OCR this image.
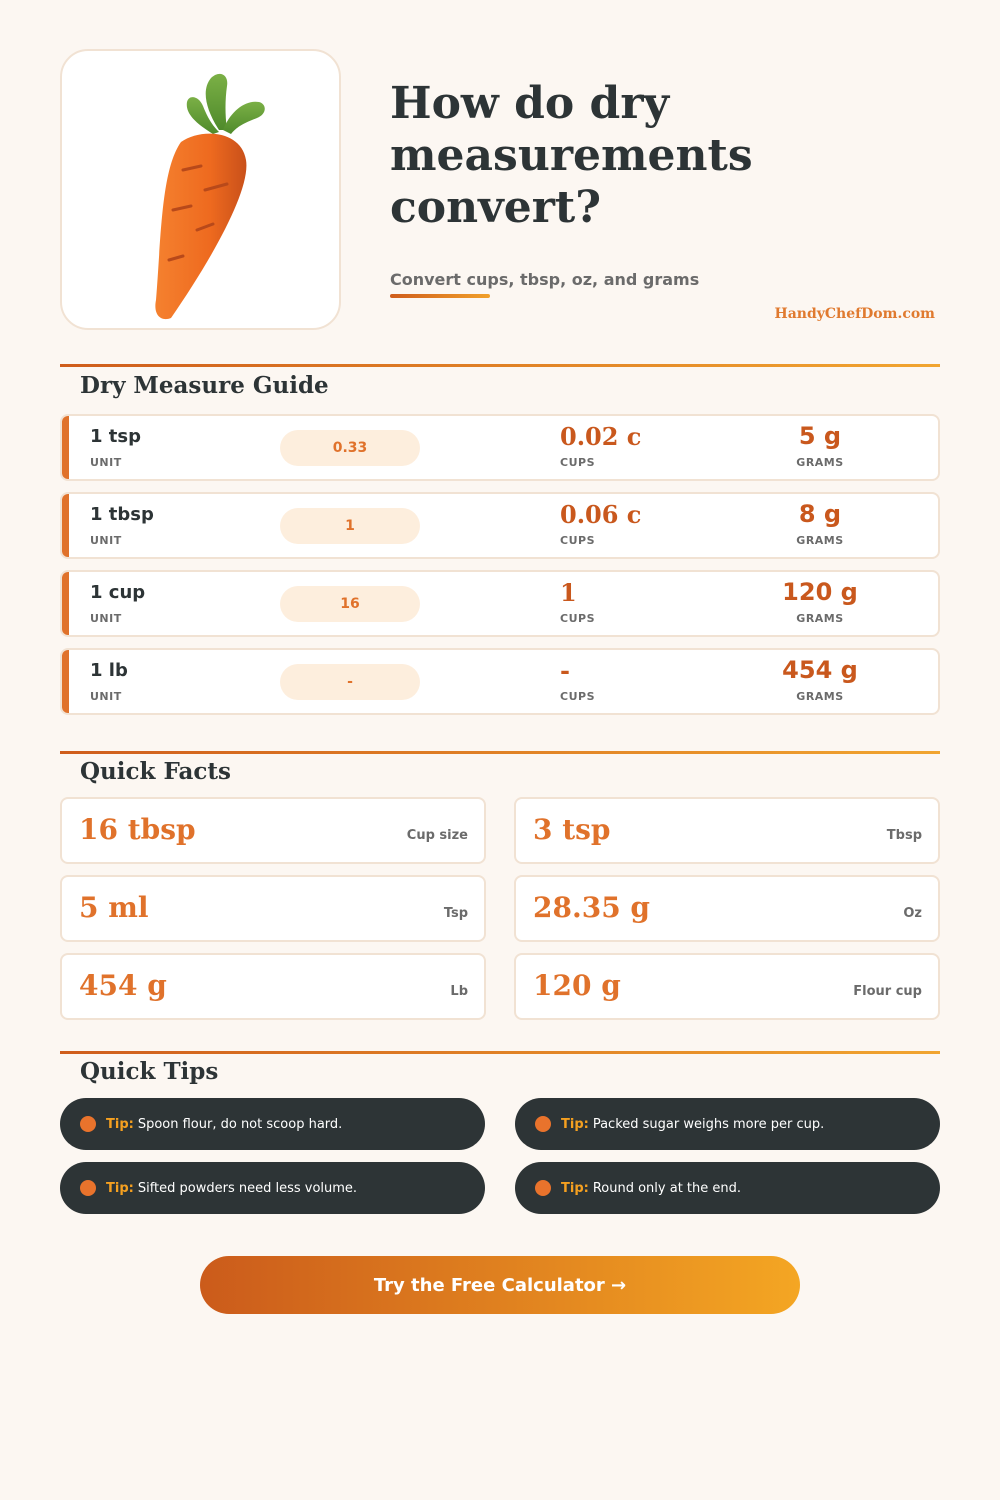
How do dry measurements convert?
Convert cups, tbsp, oz, and grams
HandyChefDom.com
Dry Measure Guide
1 tsp
UNIT
0.33	0.02 c
CUPS
5 g
GRAMS
1 tbsp
UNIT
1	0.06 c
CUPS
8 g
GRAMS
1 cup
UNIT
16	1
CUPS
120 g
GRAMS
1 lb
UNIT
-	-
CUPS
454 g
GRAMS
Quick Facts
16 tbsp	Cup size 3 tsp	Tbsp
5 ml	Tsp 28.35 g	Oz
454 g	Lb 120 g	Flour cup
Quick Tips
Tip: Spoon flour, do not scoop hard.	Tip: Packed sugar weighs more per cup.
Tip: Sifted powders need less volume.	Tip: Round only at the end.
Try the Free Calculator →
